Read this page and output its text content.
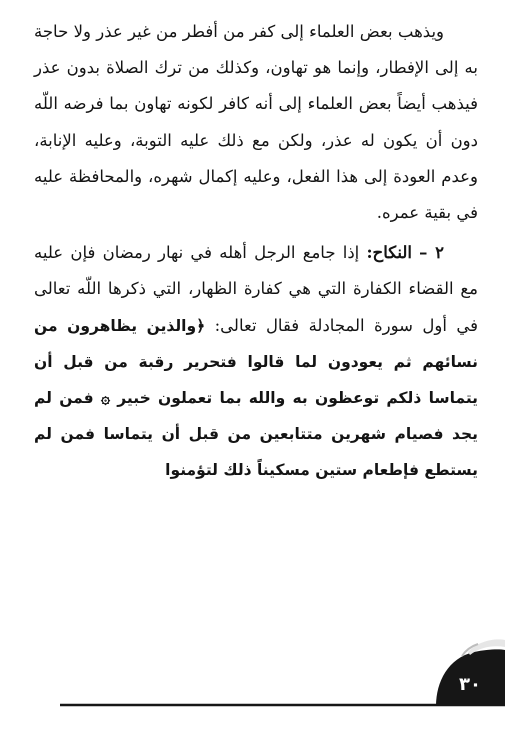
ويذهب بعض العلماء إلى كفر من أفطر من غير عذر ولا حاجة به إلى الإفطار، وإنما هو تهاون، وكذلك من ترك الصلاة بدون عذر فيذهب أيضاً بعض العلماء إلى أنه كافر لكونه تهاون بما فرضه اللّه دون أن يكون له عذر، ولكن مع ذلك عليه التوبة، وعليه الإنابة، وعدم العودة إلى هذا الفعل، وعليه إكمال شهره، والمحافظة عليه في بقية عمره.

٢ – النكاح: إذا جامع الرجل أهله في نهار رمضان فإن عليه مع القضاء الكفارة التي هي كفارة الظهار، التي ذكرها اللّه تعالى في أول سورة المجادلة فقال تعالى: ﴿والذين يظاهرون من نسائهم ثم يعودون لما قالوا فتحرير رقبة من قبل أن يتماسا ذلكم توعظون به والله بما تعملون خبير ۞ فمن لم يجد فصيام شهرين متتابعين من قبل أن يتماسا فمن لم يستطع فإطعام ستين مسكيناً ذلك لتؤمنوا

٣٠
